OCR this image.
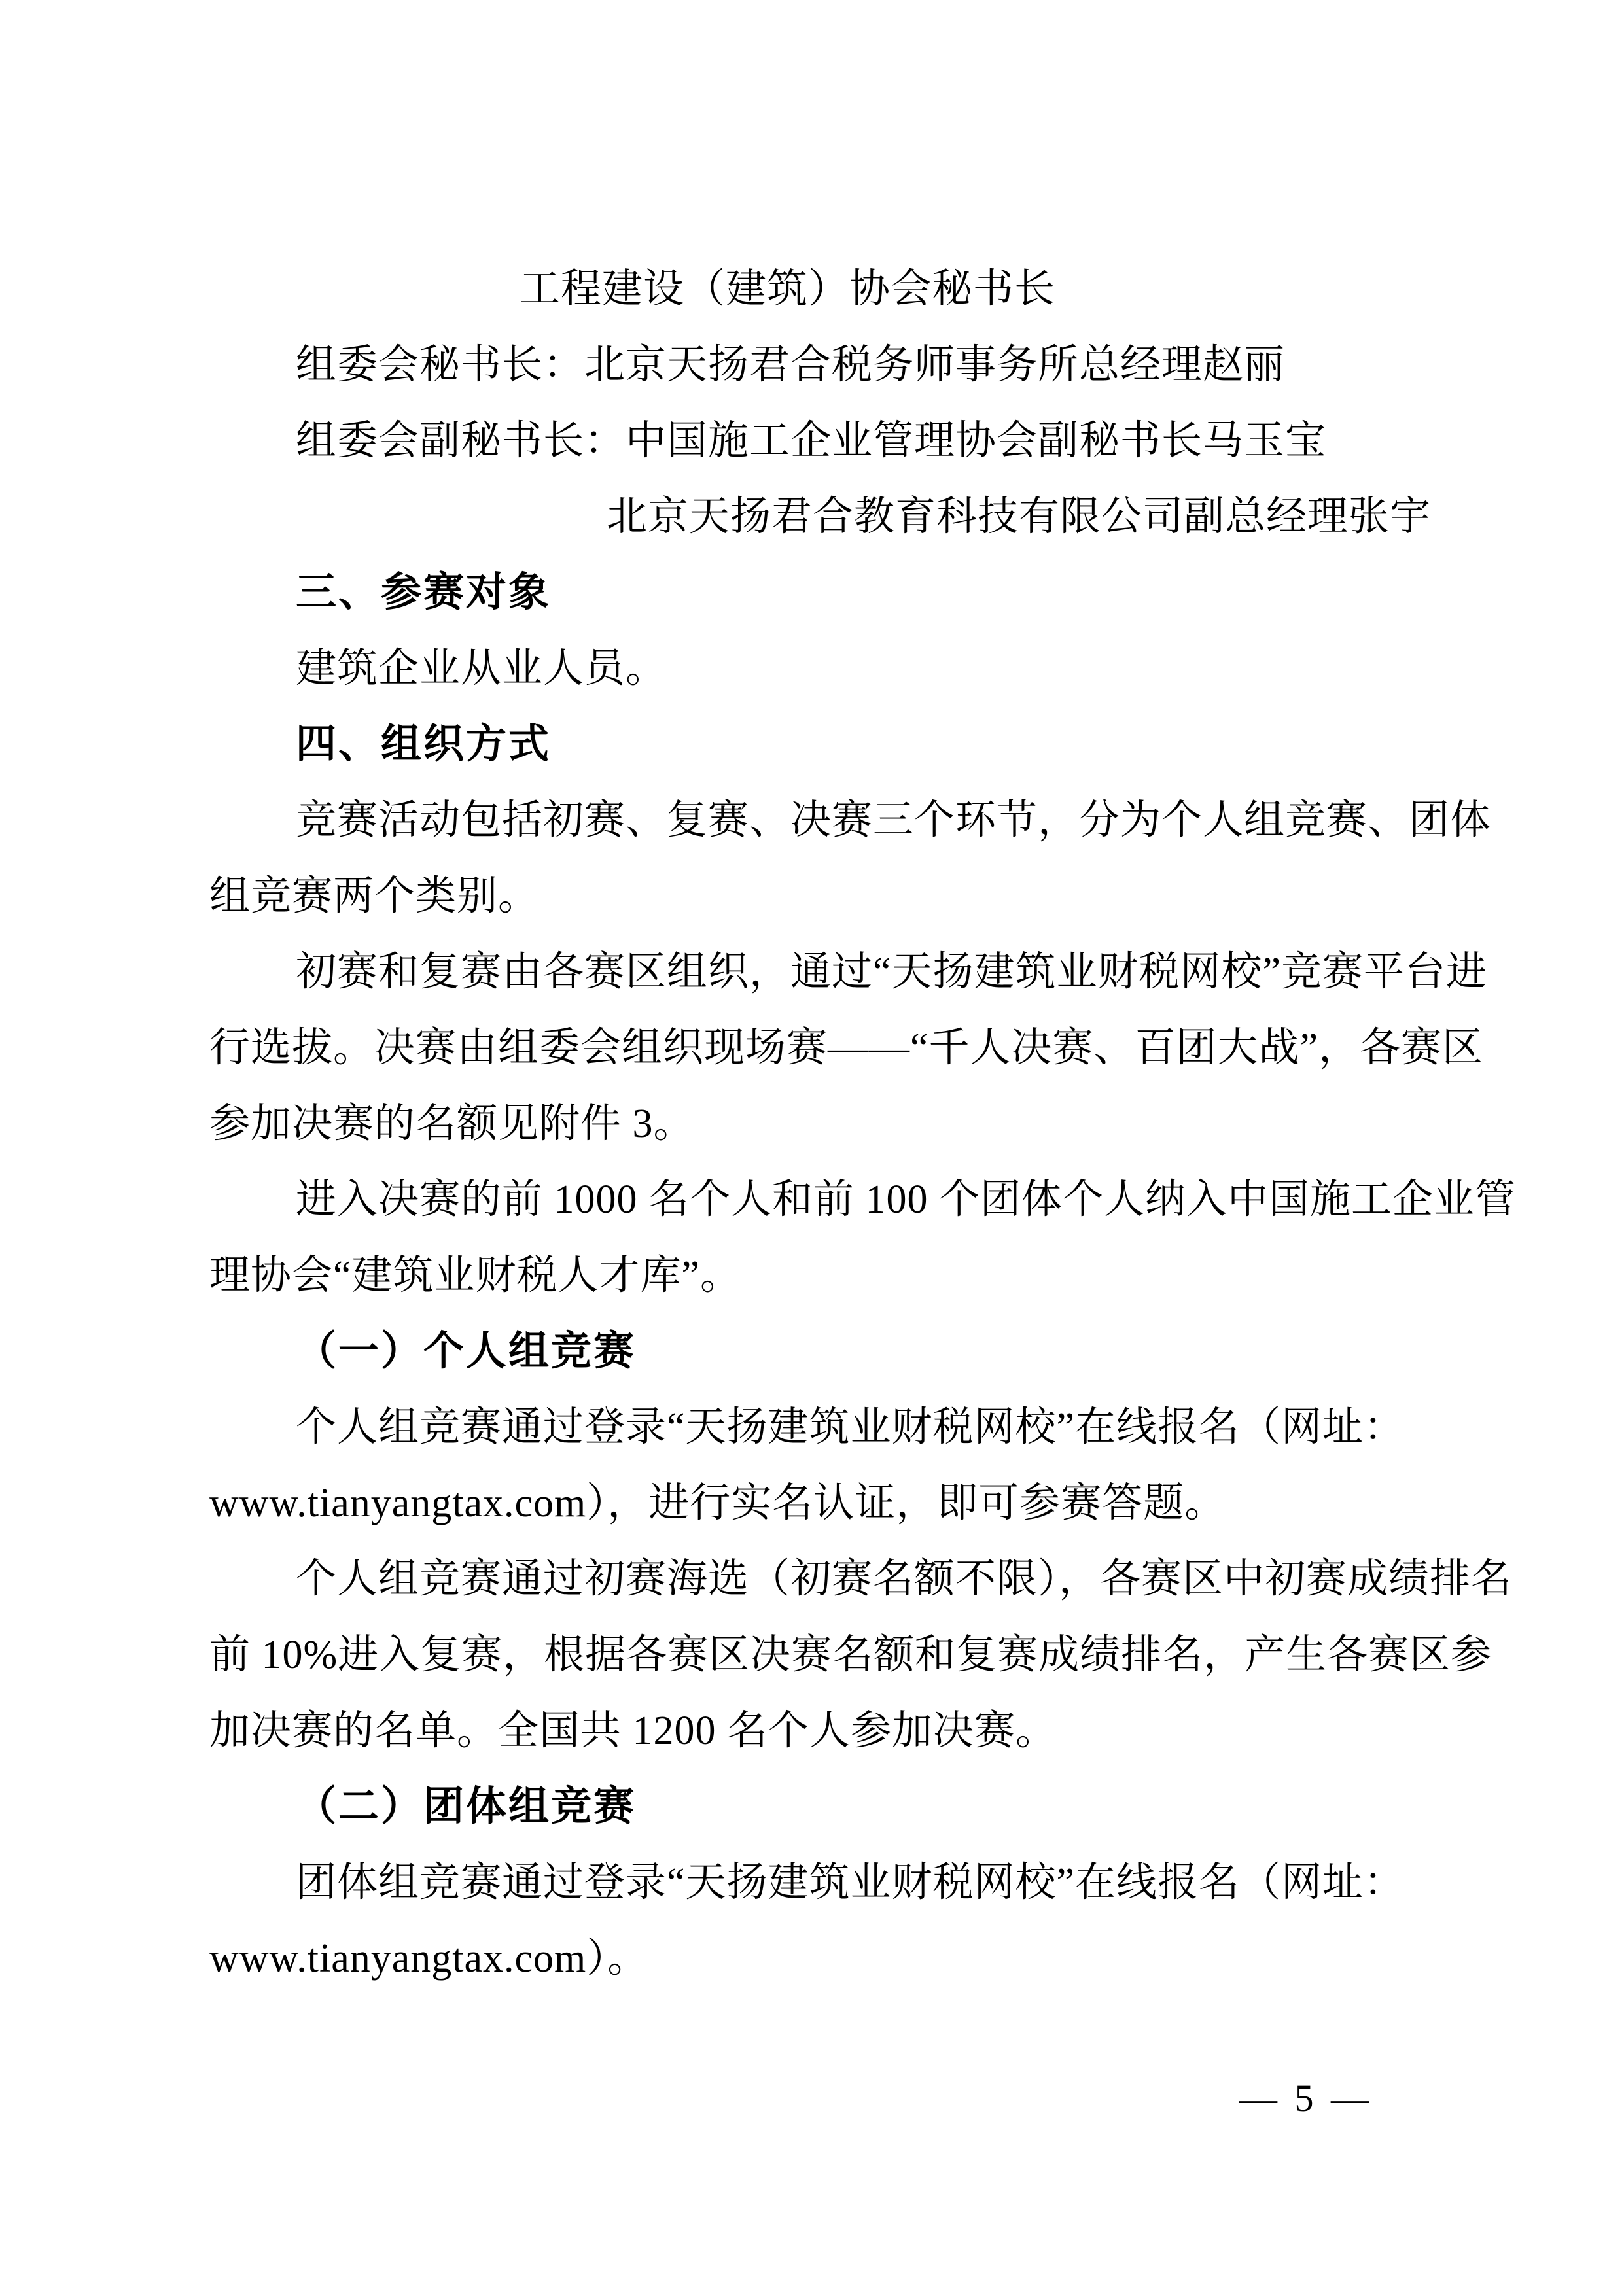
工程建设（建筑）协会秘书长
组委会秘书长：北京天扬君合税务师事务所总经理赵丽
组委会副秘书长：中国施工企业管理协会副秘书长马玉宝
北京天扬君合教育科技有限公司副总经理张宇
三、参赛对象
建筑企业从业人员。
四、组织方式
竞赛活动包括初赛、复赛、决赛三个环节，分为个人组竞赛、团体
组竞赛两个类别。
初赛和复赛由各赛区组织，通过“天扬建筑业财税网校”竞赛平台进
行选拔。决赛由组委会组织现场赛——“千人决赛、百团大战”，各赛区
参加决赛的名额见附件 3。
进入决赛的前 1000 名个人和前 100 个团体个人纳入中国施工企业管
理协会“建筑业财税人才库”。
（一）个人组竞赛
个人组竞赛通过登录“天扬建筑业财税网校”在线报名（网址：
www.tianyangtax.com），进行实名认证，即可参赛答题。
个人组竞赛通过初赛海选（初赛名额不限），各赛区中初赛成绩排名
前 10%进入复赛，根据各赛区决赛名额和复赛成绩排名，产生各赛区参
加决赛的名单。全国共 1200 名个人参加决赛。
（二）团体组竞赛
团体组竞赛通过登录“天扬建筑业财税网校”在线报名（网址：
www.tianyangtax.com）。
— 5 —
